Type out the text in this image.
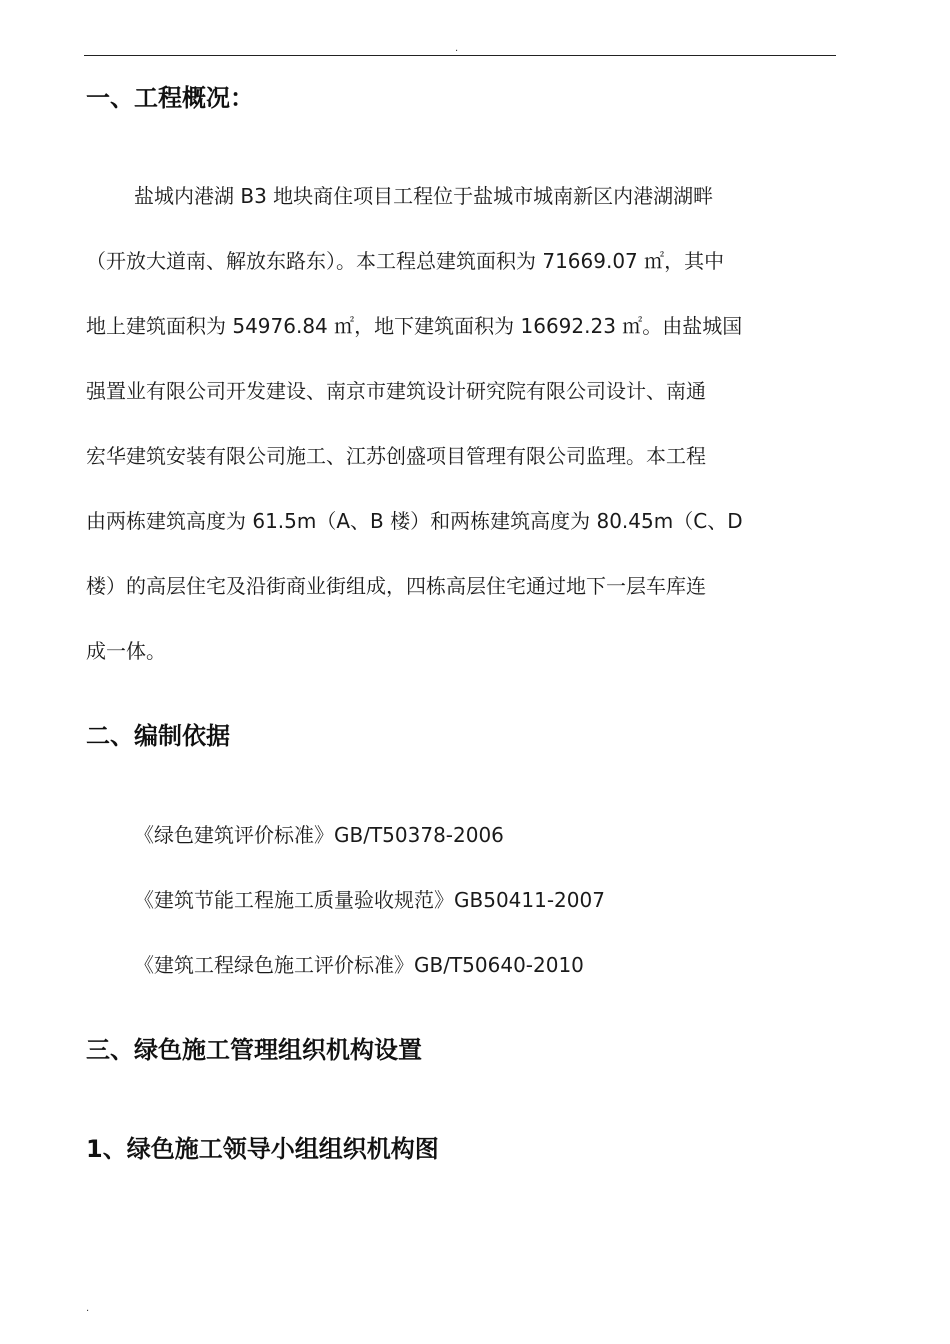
.
一、工程概况：

盐城内港湖 B3 地块商住项目工程位于盐城市城南新区内港湖湖畔

（开放大道南、解放东路东）。本工程总建筑面积为 71669.07 ㎡，其中

地上建筑面积为 54976.84 ㎡，地下建筑面积为 16692.23 ㎡。由盐城国

强置业有限公司开发建设、南京市建筑设计研究院有限公司设计、南通

宏华建筑安装有限公司施工、江苏创盛项目管理有限公司监理。本工程

由两栋建筑高度为 61.5m（A、B 楼）和两栋建筑高度为 80.45m（C、D

楼）的高层住宅及沿街商业街组成，四栋高层住宅通过地下一层车库连

成一体。

二、编制依据

《绿色建筑评价标准》GB/T50378-2006

《建筑节能工程施工质量验收规范》GB50411-2007

《建筑工程绿色施工评价标准》GB/T50640-2010

三、绿色施工管理组织机构设置
1、绿色施工领导小组组织机构图
.
